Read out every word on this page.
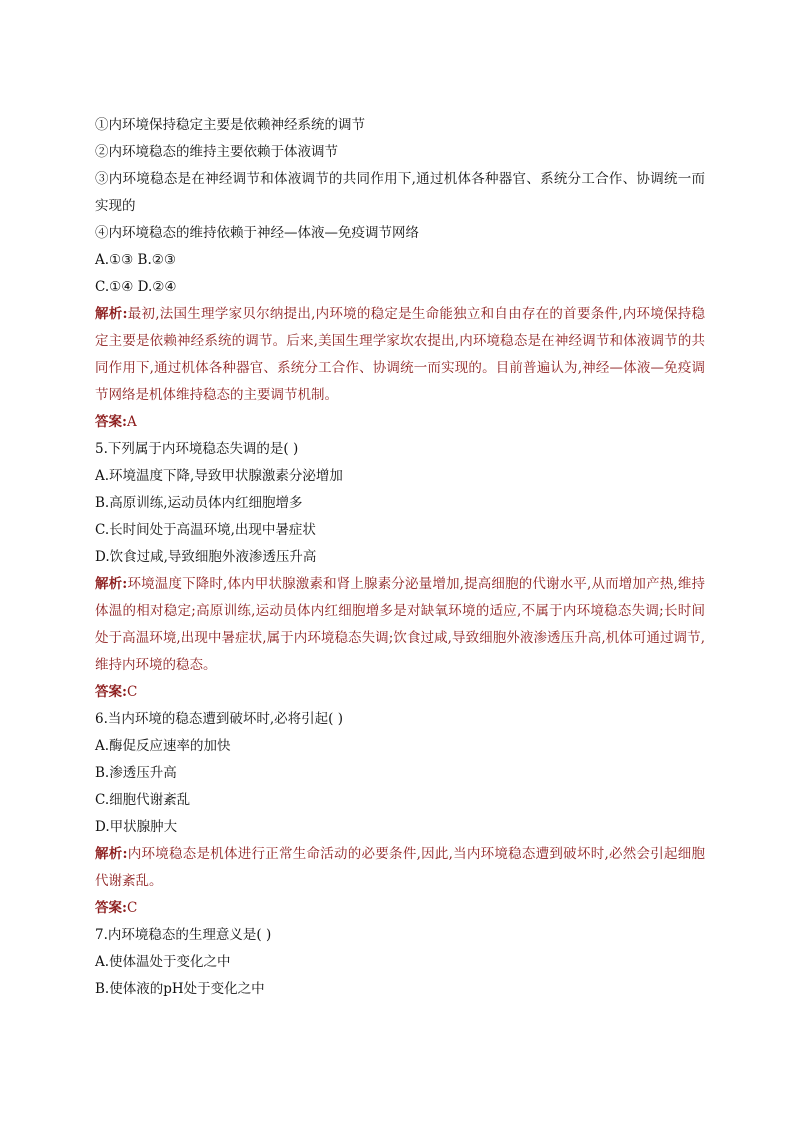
①内环境保持稳定主要是依赖神经系统的调节
②内环境稳态的维持主要依赖于体液调节
③内环境稳态是在神经调节和体液调节的共同作用下,通过机体各种器官、系统分工合作、协调统一而实现的
④内环境稳态的维持依赖于神经—体液—免疫调节网络
A.①③ B.②③
C.①④ D.②④
解析:最初,法国生理学家贝尔纳提出,内环境的稳定是生命能独立和自由存在的首要条件,内环境保持稳定主要是依赖神经系统的调节。后来,美国生理学家坎农提出,内环境稳态是在神经调节和体液调节的共同作用下,通过机体各种器官、系统分工合作、协调统一而实现的。目前普遍认为,神经—体液—免疫调节网络是机体维持稳态的主要调节机制。
答案:A
5.下列属于内环境稳态失调的是( )
A.环境温度下降,导致甲状腺激素分泌增加
B.高原训练,运动员体内红细胞增多
C.长时间处于高温环境,出现中暑症状
D.饮食过咸,导致细胞外液渗透压升高
解析:环境温度下降时,体内甲状腺激素和肾上腺素分泌量增加,提高细胞的代谢水平,从而增加产热,维持体温的相对稳定;高原训练,运动员体内红细胞增多是对缺氧环境的适应,不属于内环境稳态失调;长时间处于高温环境,出现中暑症状,属于内环境稳态失调;饮食过咸,导致细胞外液渗透压升高,机体可通过调节,维持内环境的稳态。
答案:C
6.当内环境的稳态遭到破坏时,必将引起( )
A.酶促反应速率的加快
B.渗透压升高
C.细胞代谢紊乱
D.甲状腺肿大
解析:内环境稳态是机体进行正常生命活动的必要条件,因此,当内环境稳态遭到破坏时,必然会引起细胞代谢紊乱。
答案:C
7.内环境稳态的生理意义是( )
A.使体温处于变化之中
B.使体液的pH处于变化之中
